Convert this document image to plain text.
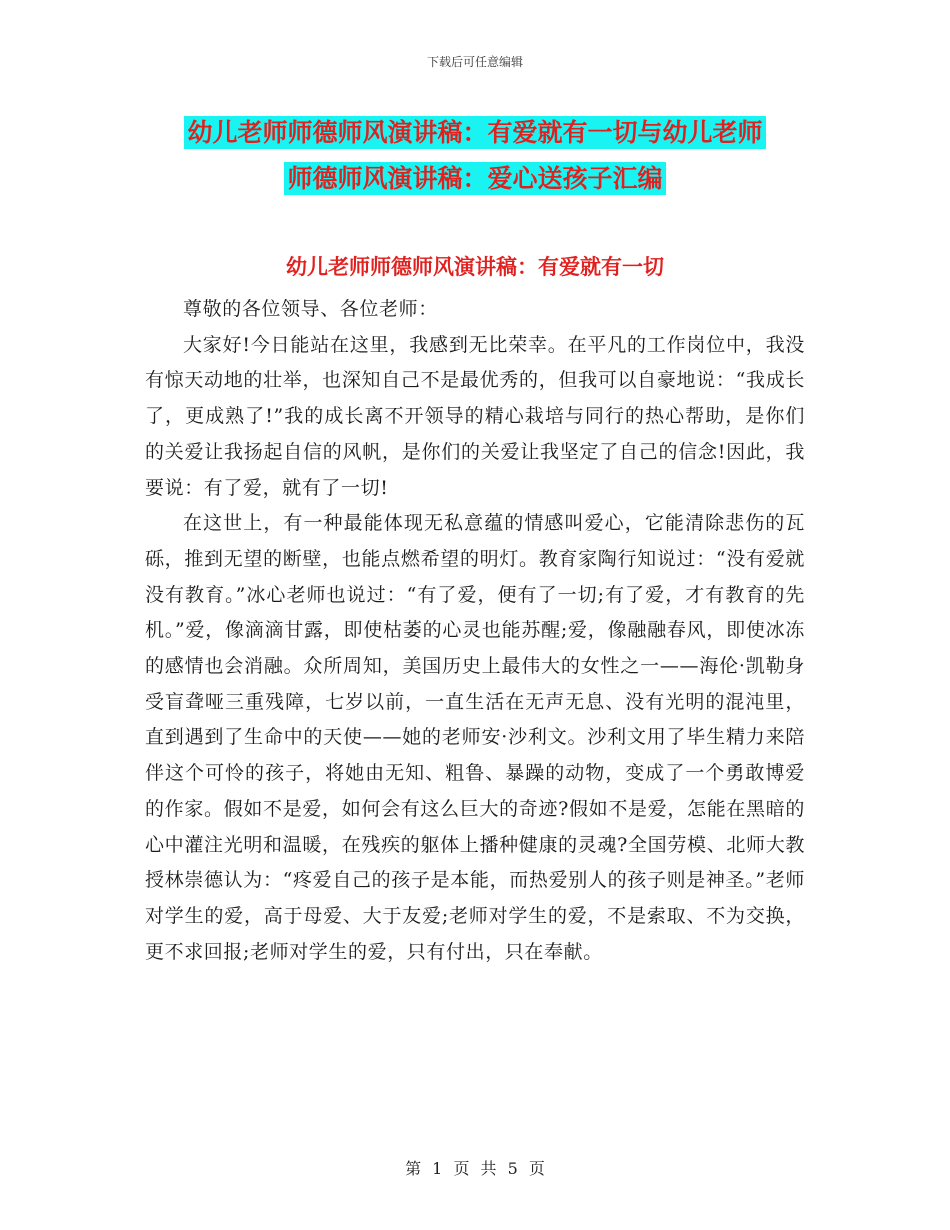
下载后可任意编辑
幼儿老师师德师风演讲稿：有爱就有一切与幼儿老师
师德师风演讲稿：爱心送孩子汇编
幼儿老师师德师风演讲稿：有爱就有一切

尊敬的各位领导、各位老师：

大家好!今日能站在这里，我感到无比荣幸。在平凡的工作岗位中，我没有惊天动地的壮举，也深知自己不是最优秀的，但我可以自豪地说：“我成长了，更成熟了!”我的成长离不开领导的精心栽培与同行的热心帮助，是你们的关爱让我扬起自信的风帆，是你们的关爱让我坚定了自己的信念!因此，我要说：有了爱，就有了一切!

在这世上，有一种最能体现无私意蕴的情感叫爱心，它能清除悲伤的瓦砾，推到无望的断壁，也能点燃希望的明灯。教育家陶行知说过：“没有爱就没有教育。”冰心老师也说过：“有了爱，便有了一切;有了爱，才有教育的先机。”爱，像滴滴甘露，即使枯萎的心灵也能苏醒;爱，像融融春风，即使冰冻的感情也会消融。众所周知，美国历史上最伟大的女性之一——海伦·凯勒身受盲聋哑三重残障，七岁以前，一直生活在无声无息、没有光明的混沌里，直到遇到了生命中的天使——她的老师安·沙利文。沙利文用了毕生精力来陪伴这个可怜的孩子，将她由无知、粗鲁、暴躁的动物，变成了一个勇敢博爱的作家。假如不是爱，如何会有这么巨大的奇迹?假如不是爱，怎能在黑暗的心中灌注光明和温暖，在残疾的躯体上播种健康的灵魂?全国劳模、北师大教授林崇德认为：“疼爱自己的孩子是本能，而热爱别人的孩子则是神圣。”老师对学生的爱，高于母爱、大于友爱;老师对学生的爱，不是索取、不为交换，更不求回报;老师对学生的爱，只有付出，只在奉献。

第 1 页 共 5 页
